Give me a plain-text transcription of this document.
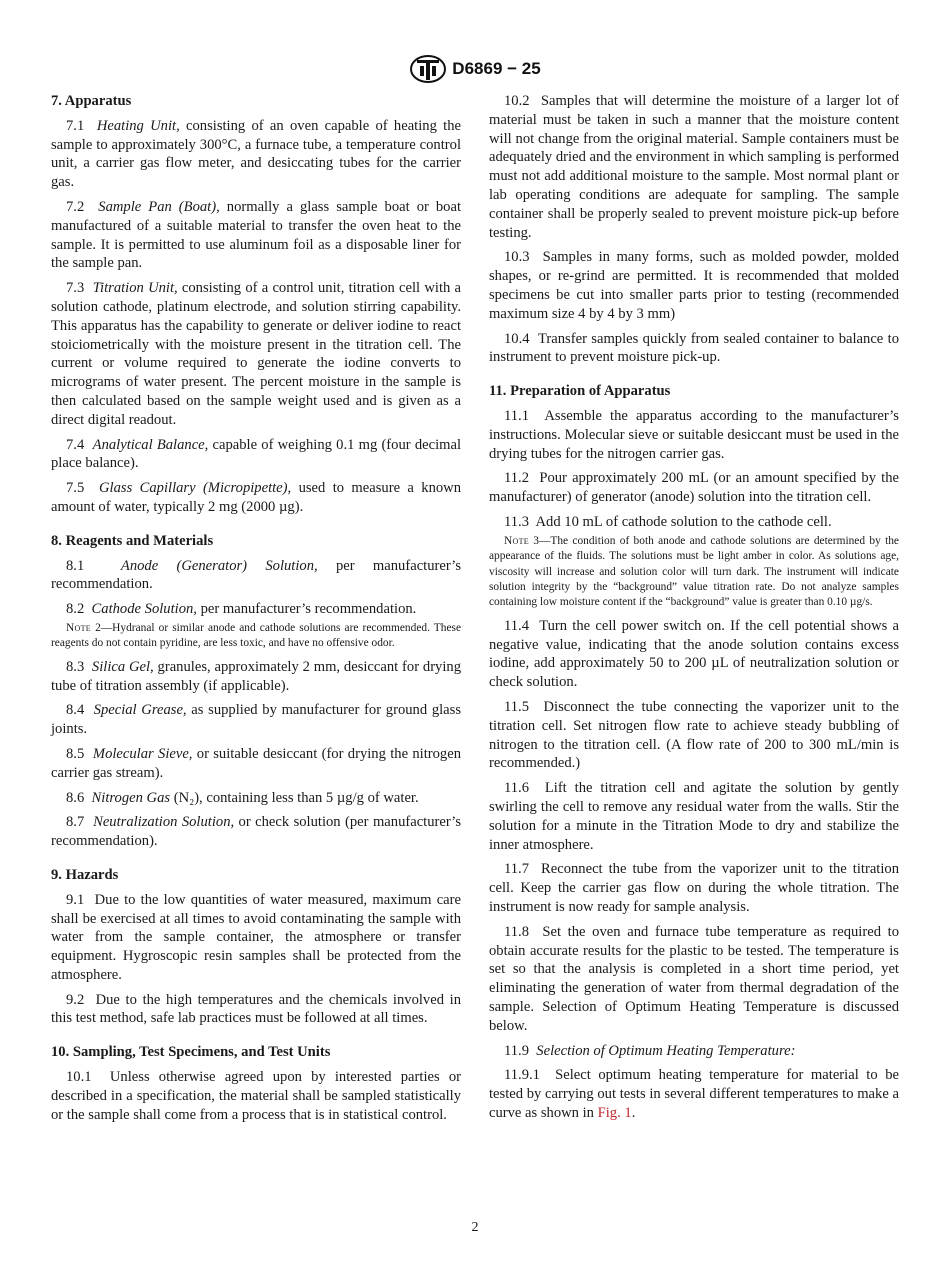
D6869 − 25
7. Apparatus
7.1 Heating Unit, consisting of an oven capable of heating the sample to approximately 300°C, a furnace tube, a temperature control unit, a carrier gas flow meter, and desiccating tubes for the carrier gas.
7.2 Sample Pan (Boat), normally a glass sample boat or boat manufactured of a suitable material to transfer the oven heat to the sample. It is permitted to use aluminum foil as a disposable liner for the sample pan.
7.3 Titration Unit, consisting of a control unit, titration cell with a solution cathode, platinum electrode, and solution stirring capability. This apparatus has the capability to generate or deliver iodine to react stoiciometrically with the moisture present in the titration cell. The current or volume required to generate the iodine converts to micrograms of water present. The percent moisture in the sample is then calculated based on the sample weight used and is given as a direct digital readout.
7.4 Analytical Balance, capable of weighing 0.1 mg (four decimal place balance).
7.5 Glass Capillary (Micropipette), used to measure a known amount of water, typically 2 mg (2000 µg).
8. Reagents and Materials
8.1	Anode (Generator) Solution, per manufacturer’s recommendation.
8.2 Cathode Solution, per manufacturer’s recommendation.
Note 2—Hydranal or similar anode and cathode solutions are recommended. These reagents do not contain pyridine, are less toxic, and have no offensive odor.
8.3 Silica Gel, granules, approximately 2 mm, desiccant for drying tube of titration assembly (if applicable).
8.4 Special Grease, as supplied by manufacturer for ground glass joints.
8.5 Molecular Sieve, or suitable desiccant (for drying the nitrogen carrier gas stream).
8.6 Nitrogen Gas (N₂), containing less than 5 µg/g of water.
8.7 Neutralization Solution, or check solution (per manufacturer’s recommendation).
9. Hazards
9.1 Due to the low quantities of water measured, maximum care shall be exercised at all times to avoid contaminating the sample with water from the sample container, the atmosphere or transfer equipment. Hygroscopic resin samples shall be protected from the atmosphere.
9.2 Due to the high temperatures and the chemicals involved in this test method, safe lab practices must be followed at all times.
10. Sampling, Test Specimens, and Test Units
10.1 Unless otherwise agreed upon by interested parties or described in a specification, the material shall be sampled statistically or the sample shall come from a process that is in statistical control.
10.2 Samples that will determine the moisture of a larger lot of material must be taken in such a manner that the moisture content will not change from the original material. Sample containers must be adequately dried and the environment in which sampling is performed must not add additional moisture to the sample. Most normal plant or lab operating conditions are adequate for sampling. The sample container shall be properly sealed to prevent moisture pick-up before testing.
10.3 Samples in many forms, such as molded powder, molded shapes, or re-grind are permitted. It is recommended that molded specimens be cut into smaller parts prior to testing (recommended maximum size 4 by 4 by 3 mm)
10.4 Transfer samples quickly from sealed container to balance to instrument to prevent moisture pick-up.
11. Preparation of Apparatus
11.1 Assemble the apparatus according to the manufacturer’s instructions. Molecular sieve or suitable desiccant must be used in the drying tubes for the nitrogen carrier gas.
11.2 Pour approximately 200 mL (or an amount specified by the manufacturer) of generator (anode) solution into the titration cell.
11.3 Add 10 mL of cathode solution to the cathode cell.
Note 3—The condition of both anode and cathode solutions are determined by the appearance of the fluids. The solutions must be light amber in color. As solutions age, viscosity will increase and solution color will turn dark. The instrument will indicate solution integrity by the “background” value titration rate. Do not analyze samples containing low moisture content if the “background” value is greater than 0.10 µg/s.
11.4 Turn the cell power switch on. If the cell potential shows a negative value, indicating that the anode solution contains excess iodine, add approximately 50 to 200 µL of neutralization solution or check solution.
11.5 Disconnect the tube connecting the vaporizer unit to the titration cell. Set nitrogen flow rate to achieve steady bubbling of nitrogen to the titration cell. (A flow rate of 200 to 300 mL/min is recommended.)
11.6 Lift the titration cell and agitate the solution by gently swirling the cell to remove any residual water from the walls. Stir the solution for a minute in the Titration Mode to dry and stabilize the inner atmosphere.
11.7 Reconnect the tube from the vaporizer unit to the titration cell. Keep the carrier gas flow on during the whole titration. The instrument is now ready for sample analysis.
11.8 Set the oven and furnace tube temperature as required to obtain accurate results for the plastic to be tested. The temperature is set so that the analysis is completed in a short time period, yet eliminating the generation of water from thermal degradation of the sample. Selection of Optimum Heating Temperature is discussed below.
11.9 Selection of Optimum Heating Temperature:
11.9.1 Select optimum heating temperature for material to be tested by carrying out tests in several different temperatures to make a curve as shown in Fig. 1.
2
